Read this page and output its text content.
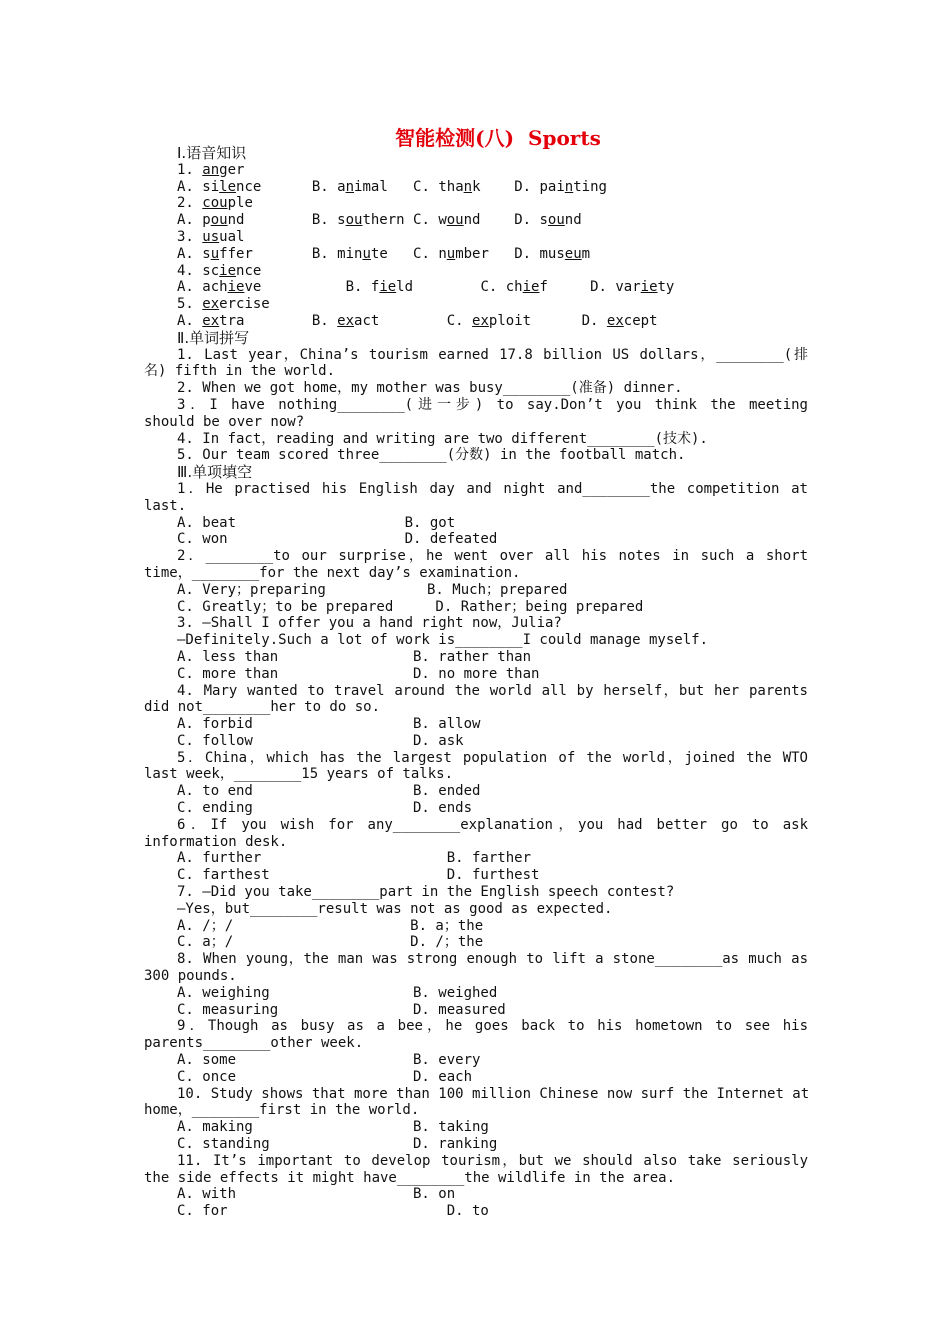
智能检测(八)  Sports
Ⅰ.语音知识
1. anger
A. silence      B. animal   C. thank    D. painting
2. couple
A. pound        B. southern C. wound    D. sound
3. usual
A. suffer       B. minute   C. number   D. museum
4. science
A. achieve          B. field        C. chief     D. variety
5. exercise
A. extra        B. exact        C. exploit      D. except
Ⅱ.单词拼写
1. Last year，China’s tourism earned 17.8 billion US dollars，________(排
名) fifth in the world.
2. When we got home，my mother was busy________(准备) dinner.
3．I have nothing________(进一步) to say.Don’t you think the meeting
should be over now?
4. In fact，reading and writing are two different________(技术).
5. Our team scored three________(分数) in the football match.
Ⅲ.单项填空
1．He practised his English day and night and________the competition at
last.
A. beat                    B. got
C. won                     D. defeated
2．________to our surprise，he went over all his notes in such a short
time，________for the next day’s examination.
A. Very；preparing            B. Much；prepared
C. Greatly；to be prepared     D. Rather；being prepared
3. —Shall I offer you a hand right now，Julia?
—Definitely.Such a lot of work is________I could manage myself.
A. less than                B. rather than
C. more than                D. no more than
4. Mary wanted to travel around the world all by herself，but her parents
did not________her to do so.
A. forbid                   B. allow
C. follow                   D. ask
5．China，which has the largest population of the world，joined the WTO
last week，________15 years of talks.
A. to end                   B. ended
C. ending                   D. ends
6．If you wish for any________explanation，you had better go to ask
information desk.
A. further                      B. farther
C. farthest                     D. furthest
7. —Did you take________part in the English speech contest?
—Yes，but________result was not as good as expected.
A. /；/                     B. a；the
C. a；/                     D. /；the
8. When young，the man was strong enough to lift a stone________as much as
300 pounds.
A. weighing                 B. weighed
C. measuring                D. measured
9．Though as busy as a bee，he goes back to his hometown to see his
parents________other week.
A. some                     B. every
C. once                     D. each
10. Study shows that more than 100 million Chinese now surf the Internet at
home，________first in the world.
A. making                   B. taking
C. standing                 D. ranking
11. It’s important to develop tourism，but we should also take seriously
the side effects it might have________the wildlife in the area.
A. with                     B. on
C. for                          D. to
